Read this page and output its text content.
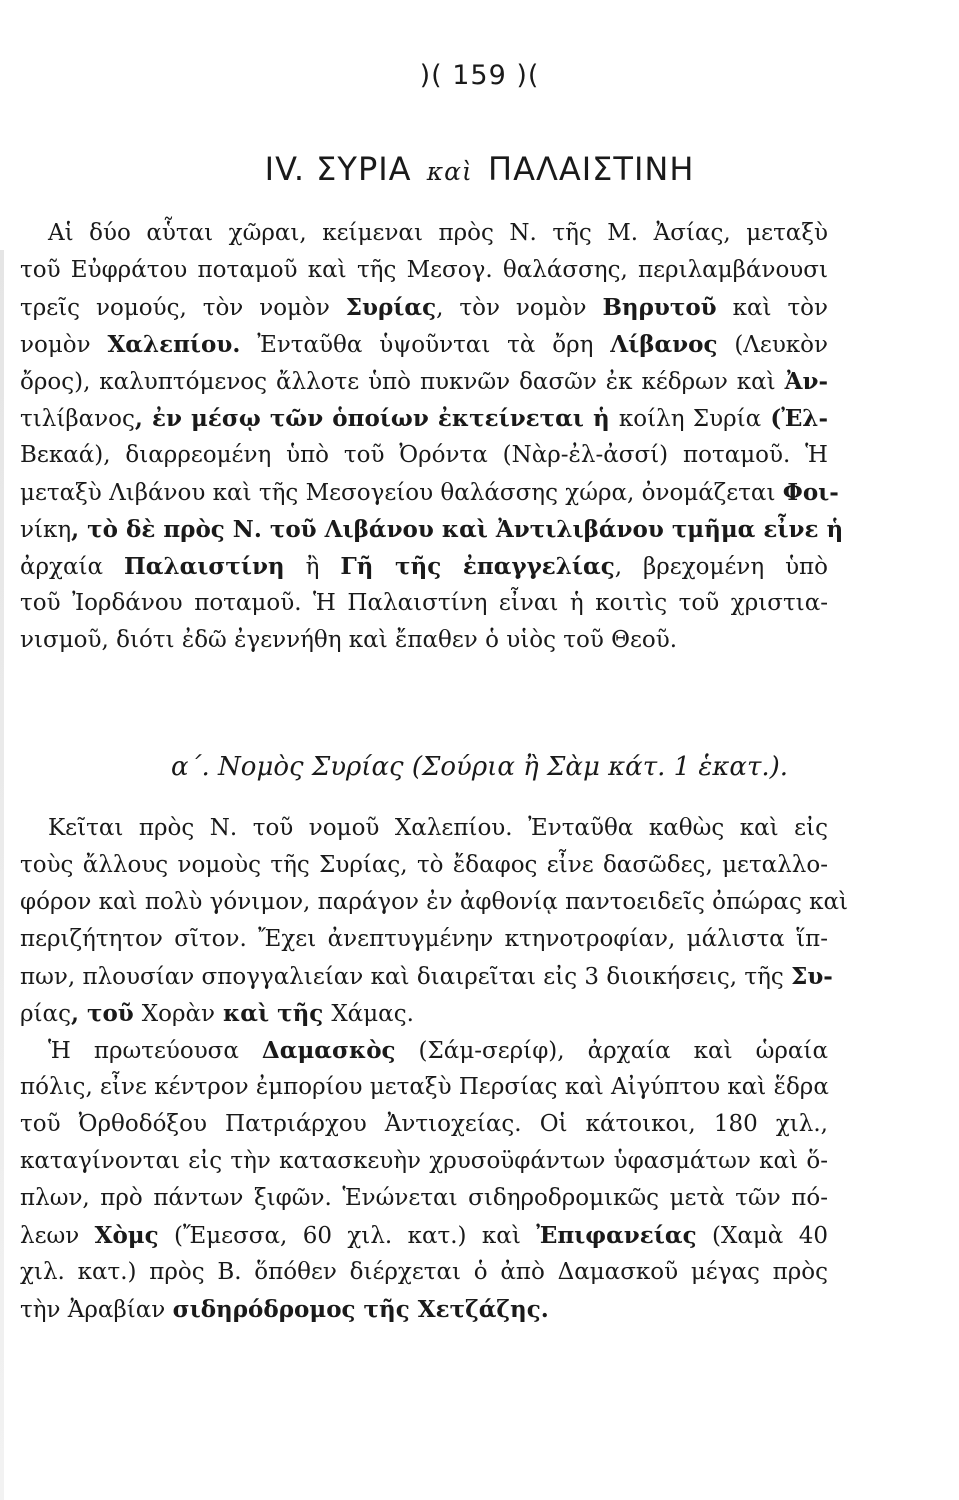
)( 159 )(
IV. ΣΥΡΙΑ καὶ ΠΑΛΑΙΣΤΙΝΗ
Αἱ δύο αὗται χῶραι, κείμεναι πρὸς Ν. τῆς Μ. Ἀσίας, μεταξὺ
τοῦ Εὐφράτου ποταμοῦ καὶ τῆς Μεσογ. θαλάσσης, περιλαμβάνουσι
τρεῖς νομούς, τὸν νομὸν Συρίας, τὸν νομὸν Βηρυτοῦ καὶ τὸν
νομὸν Χαλεπίου. Ἐνταῦθα ὑψοῦνται τὰ ὄρη Λίβανος (Λευκὸν
ὄρος), καλυπτόμενος ἄλλοτε ὑπὸ πυκνῶν δασῶν ἐκ κέδρων καὶ Ἀν-
τιλίβανος, ἐν μέσῳ τῶν ὁποίων ἐκτείνεται ἡ κοίλη Συρία (Ἐλ-
Βεκαά), διαρρεομένη ὑπὸ τοῦ Ὀρόντα (Νὰρ-ἐλ-ἀσσί) ποταμοῦ. Ἡ
μεταξὺ Λιβάνου καὶ τῆς Μεσογείου θαλάσσης χώρα, ὀνομάζεται Φοι-
νίκη, τὸ δὲ πρὸς Ν. τοῦ Λιβάνου καὶ Ἀντιλιβάνου τμῆμα εἶνε ἡ
ἀρχαία Παλαιστίνη ἢ Γῆ τῆς ἐπαγγελίας, βρεχομένη ὑπὸ
τοῦ Ἰορδάνου ποταμοῦ. Ἡ Παλαιστίνη εἶναι ἡ κοιτὶς τοῦ χριστια-
νισμοῦ, διότι ἐδῶ ἐγεννήθη καὶ ἔπαθεν ὁ υἱὸς τοῦ Θεοῦ.
α΄. Νομὸς Συρίας (Σούρια ἢ Σὰμ κάτ. 1 ἑκατ.).
Κεῖται πρὸς Ν. τοῦ νομοῦ Χαλεπίου. Ἐνταῦθα καθὼς καὶ εἰς
τοὺς ἄλλους νομοὺς τῆς Συρίας, τὸ ἔδαφος εἶνε δασῶδες, μεταλλο-
φόρον καὶ πολὺ γόνιμον, παράγον ἐν ἀφθονίᾳ παντοειδεῖς ὀπώρας καὶ
περιζήτητον σῖτον. Ἔχει ἀνεπτυγμένην κτηνοτροφίαν, μάλιστα ἵπ-
πων, πλουσίαν σπογγαλιείαν καὶ διαιρεῖται εἰς 3 διοικήσεις, τῆς Συ-
ρίας, τοῦ Χορὰν καὶ τῆς Χάμας.
Ἡ πρωτεύουσα Δαμασκὸς (Σάμ-σερίφ), ἀρχαία καὶ ὡραία
πόλις, εἶνε κέντρον ἐμπορίου μεταξὺ Περσίας καὶ Αἰγύπτου καὶ ἕδρα
τοῦ Ὀρθοδόξου Πατριάρχου Ἀντιοχείας. Οἱ κάτοικοι, 180 χιλ.,
καταγίνονται εἰς τὴν κατασκευὴν χρυσοϋφάντων ὑφασμάτων καὶ ὅ-
πλων, πρὸ πάντων ξιφῶν. Ἑνώνεται σιδηροδρομικῶς μετὰ τῶν πό-
λεων Χὸμς (Ἔμεσσα, 60 χιλ. κατ.) καὶ Ἐπιφανείας (Χαμὰ 40
χιλ. κατ.) πρὸς Β. ὅπόθεν διέρχεται ὁ ἀπὸ Δαμασκοῦ μέγας πρὸς
τὴν Ἀραβίαν σιδηρόδρομος τῆς Χετζάζης.
